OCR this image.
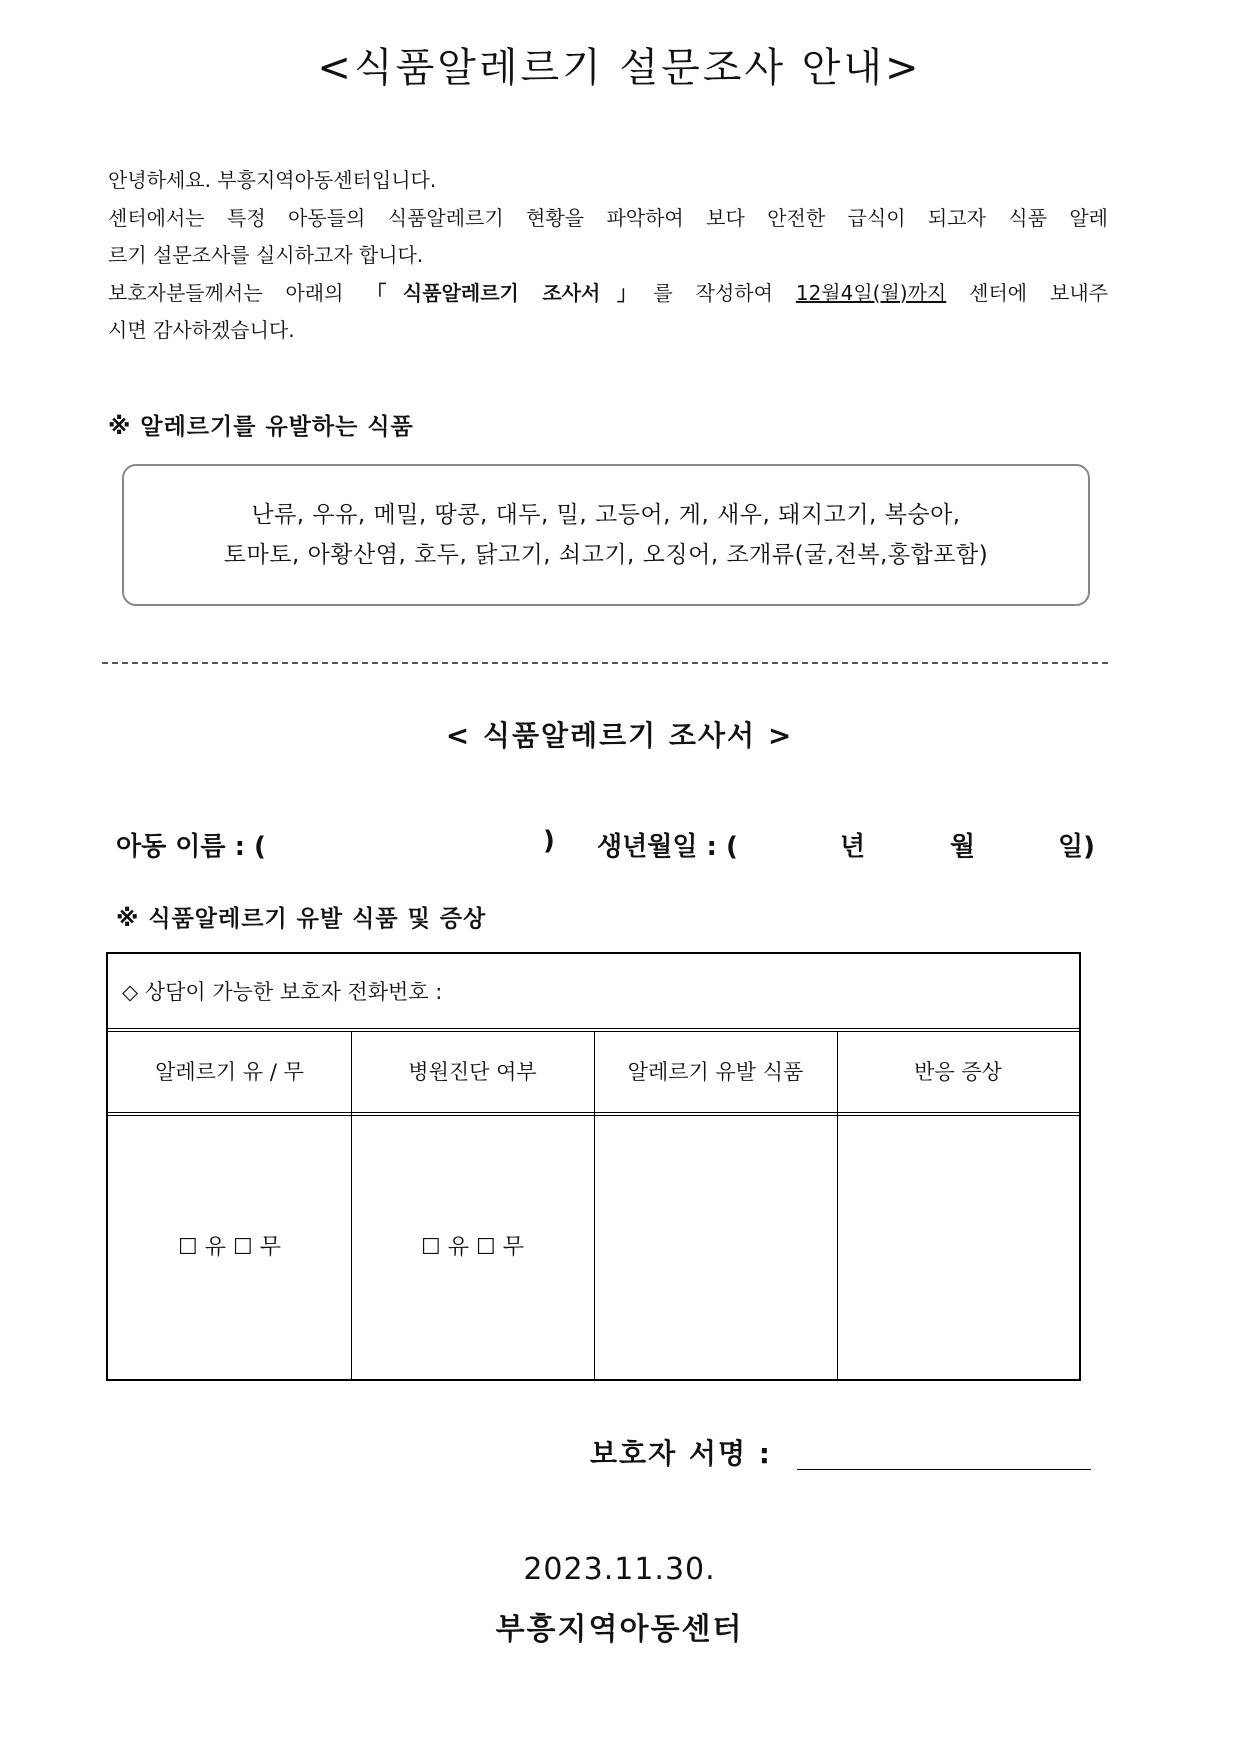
<식품알레르기 설문조사 안내>

안녕하세요. 부흥지역아동센터입니다.

센터에서는 특정 아동들의 식품알레르기 현황을 파악하여 보다 안전한 급식이 되고자 식품 알레

르기 설문조사를 실시하고자 합니다.

보호자분들께서는 아래의 「식품알레르기 조사서」를 작성하여 12월4일(월)까지 센터에 보내주

시면 감사하겠습니다.

※ 알레르기를 유발하는 식품
난류, 우유, 메밀, 땅콩, 대두, 밀, 고등어, 게, 새우, 돼지고기, 복숭아,
토마토, 아황산염, 호두, 닭고기, 쇠고기, 오징어, 조개류(굴,전복,홍합포함)
< 식품알레르기 조사서 >
아동 이름 : (	) 생년월일 : (	년	월	일)
※ 식품알레르기 유발 식품 및 증상
◇ 상담이 가능한 보호자 전화번호 :
알레르기 유 / 무	병원진단 여부	알레르기 유발 식품	반응 증상
☐ 유 ☐ 무	☐ 유 ☐ 무
보호자 서명 :
2023.11.30.
부흥지역아동센터
